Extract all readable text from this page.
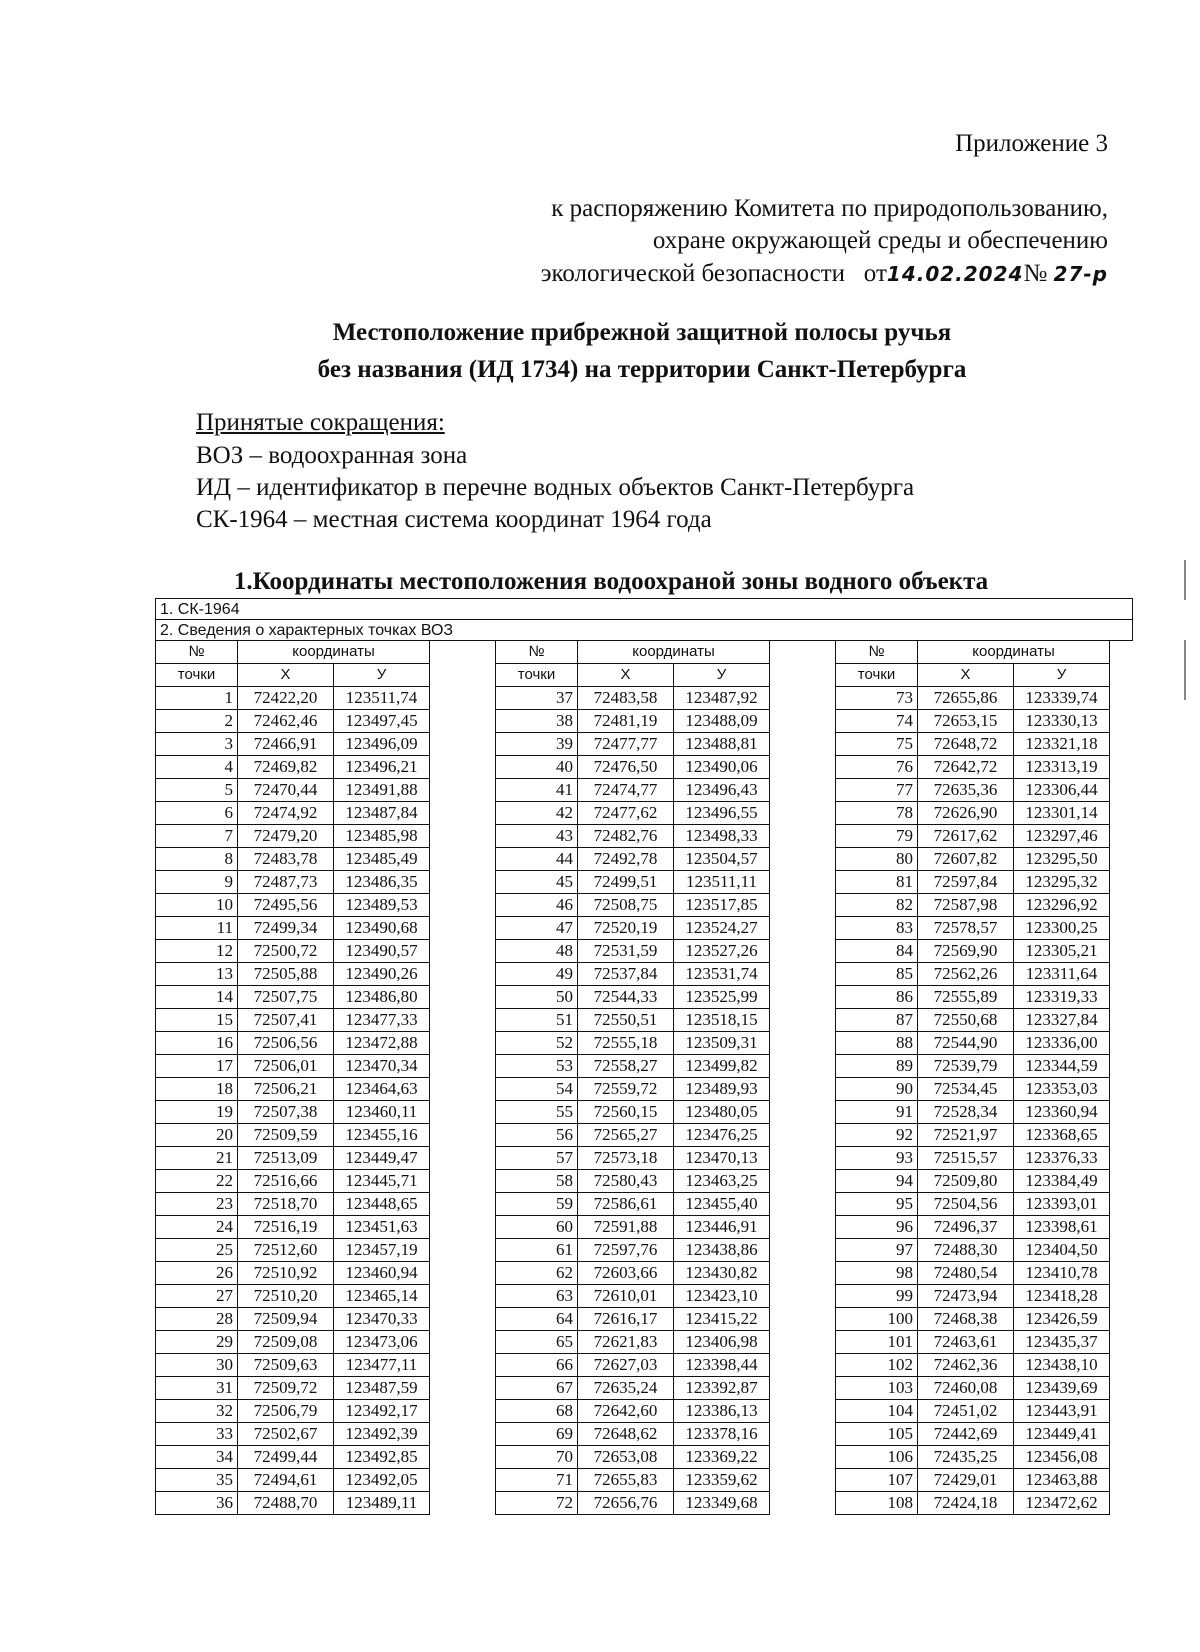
Приложение 3
к распоряжению Комитета по природопользованию,
охране окружающей среды и обеспечению
экологической безопасности от14.02.2024№ 27-р
Местоположение прибрежной защитной полосы ручья
без названия (ИД 1734) на территории Санкт-Петербурга
Принятые сокращения:
ВОЗ – водоохранная зона
ИД – идентификатор в перечне водных объектов Санкт-Петербурга
СК-1964 – местная система координат 1964 года
1.Координаты местоположения водоохраной зоны водного объекта
1. СК-1964
2. Сведения о характерных точках ВОЗ
№	координаты		
точки	X	У	
1	72422,20	123511,74	
2	72462,46	123497,45	
3	72466,91	123496,09	
4	72469,82	123496,21	
5	72470,44	123491,88	
6	72474,92	123487,84	
7	72479,20	123485,98	
8	72483,78	123485,49	
9	72487,73	123486,35	
10	72495,56	123489,53	
11	72499,34	123490,68	
12	72500,72	123490,57	
13	72505,88	123490,26	
14	72507,75	123486,80	
15	72507,41	123477,33	
16	72506,56	123472,88	
17	72506,01	123470,34	
18	72506,21	123464,63	
19	72507,38	123460,11	
20	72509,59	123455,16	
21	72513,09	123449,47	
22	72516,66	123445,71	
23	72518,70	123448,65	
24	72516,19	123451,63	
25	72512,60	123457,19	
26	72510,92	123460,94	
27	72510,20	123465,14	
28	72509,94	123470,33	
29	72509,08	123473,06	
30	72509,63	123477,11	
31	72509,72	123487,59	
32	72506,79	123492,17	
33	72502,67	123492,39	
34	72499,44	123492,85	
35	72494,61	123492,05	
36	72488,70	123489,11	
№	координаты		
точки	X	У	
37	72483,58	123487,92	
38	72481,19	123488,09	
39	72477,77	123488,81	
40	72476,50	123490,06	
41	72474,77	123496,43	
42	72477,62	123496,55	
43	72482,76	123498,33	
44	72492,78	123504,57	
45	72499,51	123511,11	
46	72508,75	123517,85	
47	72520,19	123524,27	
48	72531,59	123527,26	
49	72537,84	123531,74	
50	72544,33	123525,99	
51	72550,51	123518,15	
52	72555,18	123509,31	
53	72558,27	123499,82	
54	72559,72	123489,93	
55	72560,15	123480,05	
56	72565,27	123476,25	
57	72573,18	123470,13	
58	72580,43	123463,25	
59	72586,61	123455,40	
60	72591,88	123446,91	
61	72597,76	123438,86	
62	72603,66	123430,82	
63	72610,01	123423,10	
64	72616,17	123415,22	
65	72621,83	123406,98	
66	72627,03	123398,44	
67	72635,24	123392,87	
68	72642,60	123386,13	
69	72648,62	123378,16	
70	72653,08	123369,22	
71	72655,83	123359,62	
72	72656,76	123349,68	
№	координаты	
точки	X	У
73	72655,86	123339,74
74	72653,15	123330,13
75	72648,72	123321,18
76	72642,72	123313,19
77	72635,36	123306,44
78	72626,90	123301,14
79	72617,62	123297,46
80	72607,82	123295,50
81	72597,84	123295,32
82	72587,98	123296,92
83	72578,57	123300,25
84	72569,90	123305,21
85	72562,26	123311,64
86	72555,89	123319,33
87	72550,68	123327,84
88	72544,90	123336,00
89	72539,79	123344,59
90	72534,45	123353,03
91	72528,34	123360,94
92	72521,97	123368,65
93	72515,57	123376,33
94	72509,80	123384,49
95	72504,56	123393,01
96	72496,37	123398,61
97	72488,30	123404,50
98	72480,54	123410,78
99	72473,94	123418,28
100	72468,38	123426,59
101	72463,61	123435,37
102	72462,36	123438,10
103	72460,08	123439,69
104	72451,02	123443,91
105	72442,69	123449,41
106	72435,25	123456,08
107	72429,01	123463,88
108	72424,18	123472,62
